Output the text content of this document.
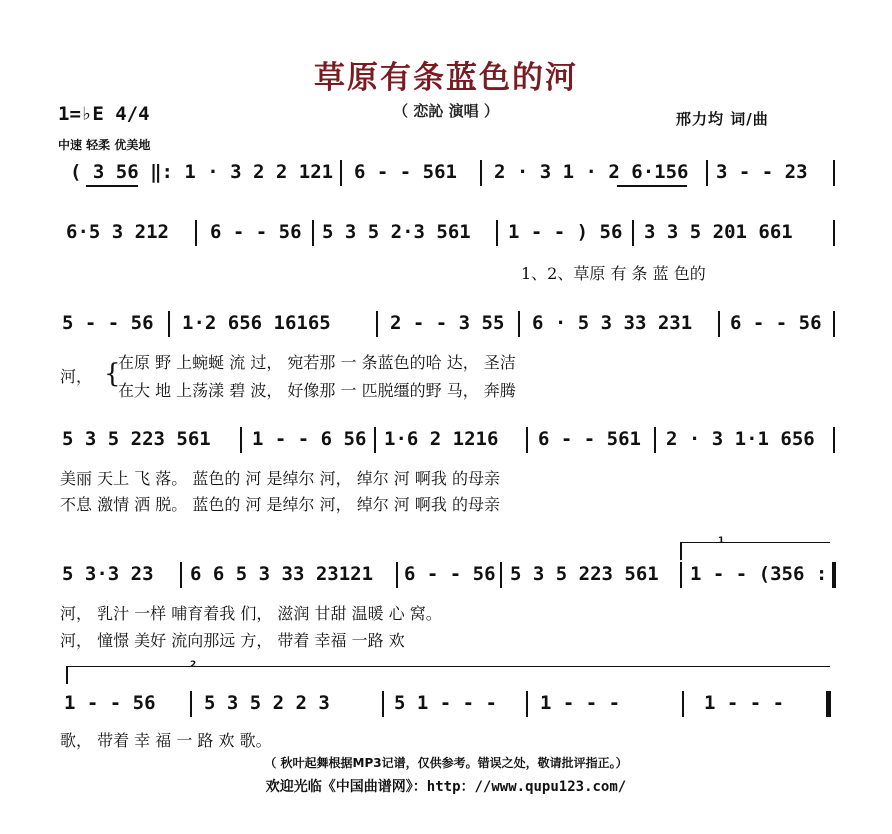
草原有条蓝色的河
（ 恋訫 演唱 ）	邢力均 词/曲
1=♭E 4/4
中速 轻柔 优美地
( 3 56 ‖: 1 · 3 2 2 121 6 - - 561 2 · 3 1 · 2 6·156 3 - - 23
6·5 3 212 6 - - 56 5 3 5 2·3 561 1 - - ) 56 3 3 5 201 661
1、2、草原 有 条 蓝 色的
5 - - 56 1·2 656 16165	2 - - 3 55 6 · 5 3 33 231 6 - - 56
河， {
在原 野 上蜿蜒 流 过， 宛若那 一 条蓝色的哈 达， 圣洁
在大 地 上荡漾 碧 波， 好像那 一 匹脱缰的野 马， 奔腾
5 3 5 223 561 1 - - 6 56 1·6 2 1216 6 - - 561 2 · 3 1·1 656
美丽 天上 飞 落。 蓝色的 河 是绰尔 河， 绰尔 河 啊我 的母亲
不息 激情 洒 脱。 蓝色的 河 是绰尔 河， 绰尔 河 啊我 的母亲
1
5 3·3 23 6 6 5 3 33 23121 6 - - 56 5 3 5 223 561 1 - - (356 :
河， 乳汁 一样 哺育着我 们， 滋润 甘甜 温暖 心 窝。
河， 憧憬 美好 流向那远 方， 带着 幸福 一路 欢
2
1 - - 56	5 3 5 2 2 3	5 1 - - - 1 - - -	1 - - -
歌， 带着 幸 福 一 路 欢 歌。
（ 秋叶起舞根据MP3记谱，仅供参考。错误之处，敬请批评指正。）
欢迎光临《中国曲谱网》：http：//www.qupu123.com/
